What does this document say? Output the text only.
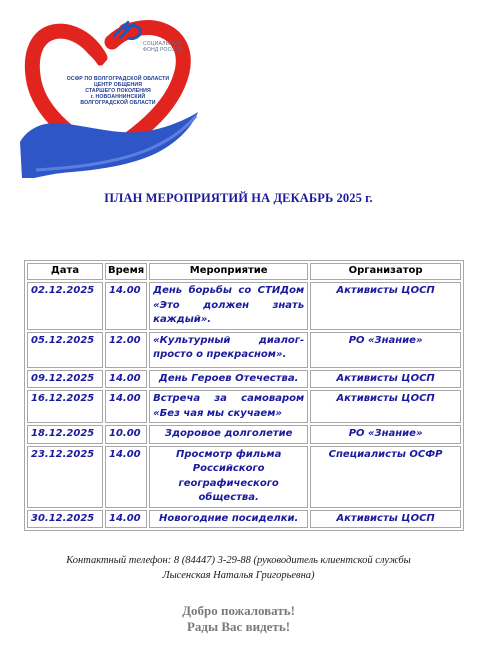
СОЦИАЛЬНЫЙ ФОНД РОССИИ
ОСФР ПО ВОЛГОГРАДСКОЙ ОБЛАСТИ
ЦЕНТР ОБЩЕНИЯ
СТАРШЕГО ПОКОЛЕНИЯ
г. НОВОАННИНСКИЙ
ВОЛГОГРАДСКОЙ ОБЛАСТИ
ПЛАН МЕРОПРИЯТИЙ НА ДЕКАБРЬ 2025 г.
Дата	Время	Мероприятие	Организатор
02.12.2025	14.00	День борьбы со СТИДом «Это должен знать каждый».	Активисты ЦОСП
05.12.2025	12.00	«Культурный диалог-просто о прекрасном».	РО «Знание»
09.12.2025	14.00	День Героев Отечества.	Активисты ЦОСП
16.12.2025	14.00	Встреча за самоваром «Без чая мы скучаем»	Активисты ЦОСП
18.12.2025	10.00	Здоровое долголетие	РО «Знание»
23.12.2025	14.00	Просмотр фильма Российского географического общества.	Специалисты ОСФР
30.12.2025	14.00	Новогодние посиделки.	Активисты ЦОСП
Контактный телефон: 8 (84447) 3-29-88 (руководитель клиентской службы
Лысенская Наталья Григорьевна)
Добро пожаловать!
Рады Вас видеть!
